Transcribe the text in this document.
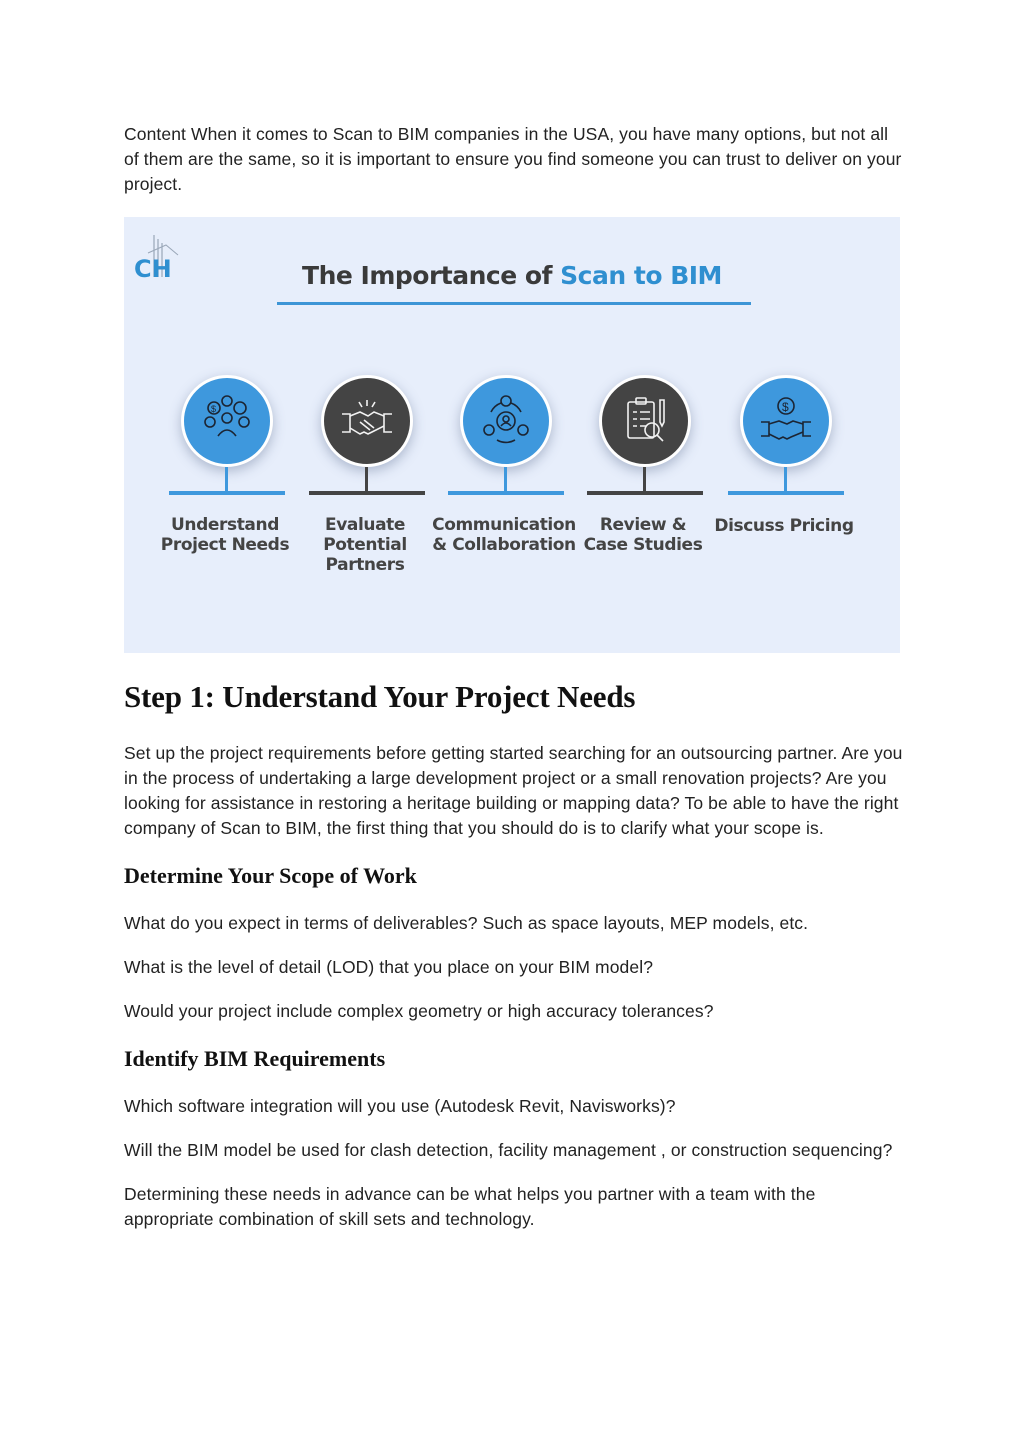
Content When it comes to Scan to BIM companies in the USA, you have many options, but not all of them are the same, so it is important to ensure you find someone you can trust to deliver on your project.

CH	The Importance of Scan to BIM
$
Understand
Project Needs
Evaluate
Potential
Partners
Communication
& Collaboration
Review &
Case Studies
$
Discuss Pricing
Step 1: Understand Your Project Needs

Set up the project requirements before getting started searching for an outsourcing partner. Are you in the process of undertaking a large development project or a small renovation projects? Are you looking for assistance in restoring a heritage building or mapping data? To be able to have the right company of Scan to BIM, the first thing that you should do is to clarify what your scope is.

Determine Your Scope of Work

What do you expect in terms of deliverables? Such as space layouts, MEP models, etc.

What is the level of detail (LOD) that you place on your BIM model?

Would your project include complex geometry or high accuracy tolerances?

Identify BIM Requirements

Which software integration will you use (Autodesk Revit, Navisworks)?

Will the BIM model be used for clash detection, facility management , or construction sequencing?

Determining these needs in advance can be what helps you partner with a team with the appropriate combination of skill sets and technology.
